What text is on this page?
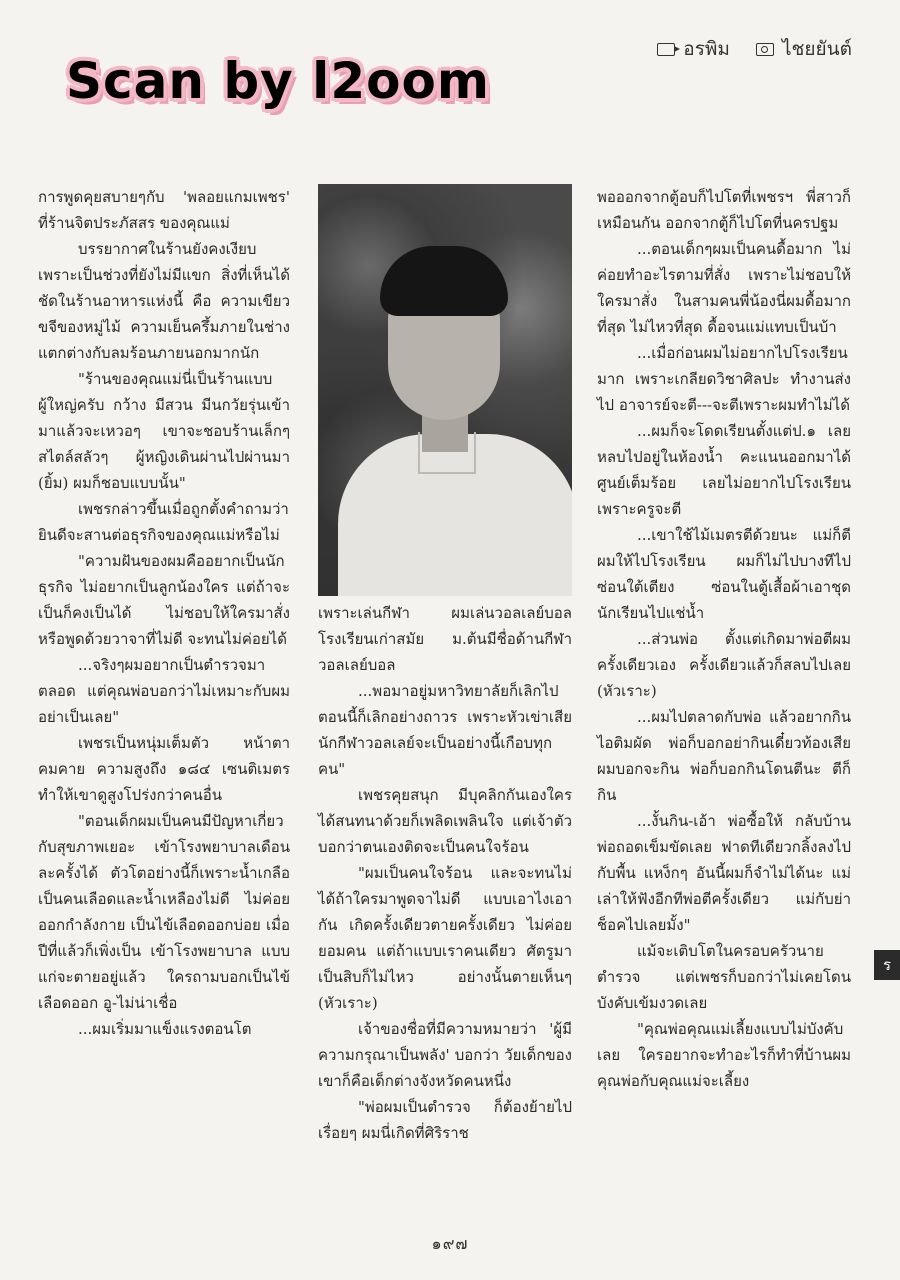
อรพิม	ไชยยันต์
Scan by l2oom

การพูดคุยสบายๆกับ 'พลอยแกมเพชร' ที่ร้านจิตประภัสสร ของคุณแม่

บรรยากาศในร้านยังคงเงียบ เพราะเป็นช่วงที่ยังไม่มีแขก สิ่งที่เห็นได้ชัดในร้านอาหารแห่งนี้ คือ ความเขียวขจีของหมู่ไม้ ความเย็นครึ้มภายในช่างแตกต่างกับลมร้อนภายนอกมากนัก

"ร้านของคุณแม่นี่เป็นร้านแบบผู้ใหญ่ครับ กว้าง มีสวน มีนกวัยรุ่นเข้ามาแล้วจะเหวอๆ เขาจะชอบร้านเล็กๆ สไตล์สลัวๆ ผู้หญิงเดินผ่านไปผ่านมา (ยิ้ม) ผมก็ชอบแบบนั้น"

เพชรกล่าวขึ้นเมื่อถูกตั้งคำถามว่ายินดีจะสานต่อธุรกิจของคุณแม่หรือไม่

"ความฝันของผมคืออยากเป็นนักธุรกิจ ไม่อยากเป็นลูกน้องใคร แต่ถ้าจะเป็นก็คงเป็นได้ ไม่ชอบให้ใครมาสั่ง หรือพูดด้วยวาจาที่ไม่ดี จะทนไม่ค่อยได้

...จริงๆผมอยากเป็นตำรวจมาตลอด แต่คุณพ่อบอกว่าไม่เหมาะกับผม อย่าเป็นเลย"

เพชรเป็นหนุ่มเต็มตัว หน้าตาคมคาย ความสูงถึง ๑๘๔ เซนติเมตร ทำให้เขาดูสูงโปร่งกว่าคนอื่น

"ตอนเด็กผมเป็นคนมีปัญหาเกี่ยวกับสุขภาพเยอะ เข้าโรงพยาบาลเดือนละครั้งได้ ตัวโตอย่างนี้ก็เพราะน้ำเกลือ เป็นคนเลือดและน้ำเหลืองไม่ดี ไม่ค่อยออกกำลังกาย เป็นไข้เลือดออกบ่อย เมื่อปีที่แล้วก็เพิ่งเป็น เข้าโรงพยาบาล แบบแก่จะตายอยู่แล้ว ใครถามบอกเป็นไข้เลือดออก อู-ไม่น่าเชื่อ

...ผมเริ่มมาแข็งแรงตอนโต

เพราะเล่นกีฬา ผมเล่นวอลเลย์บอลโรงเรียนเก่าสมัย ม.ต้นมีชื่อด้านกีฬาวอลเลย์บอล

...พอมาอยู่มหาวิทยาลัยก็เลิกไป ตอนนี้ก็เลิกอย่างถาวร เพราะหัวเข่าเสีย นักกีฬาวอลเลย์จะเป็นอย่างนี้เกือบทุกคน"

เพชรคุยสนุก มีบุคลิกกันเองใครได้สนทนาด้วยก็เพลิดเพลินใจ แต่เจ้าตัวบอกว่าตนเองติดจะเป็นคนใจร้อน

"ผมเป็นคนใจร้อน และจะทนไม่ได้ถ้าใครมาพูดจาไม่ดี แบบเอาไงเอากัน เกิดครั้งเดียวตายครั้งเดียว ไม่ค่อยยอมคน แต่ถ้าแบบเราคนเดียว ศัตรูมาเป็นสิบก็ไม่ไหว อย่างนั้นตายเห็นๆ (หัวเราะ)

เจ้าของชื่อที่มีความหมายว่า 'ผู้มีความกรุณาเป็นพลัง' บอกว่า วัยเด็กของเขาก็คือเด็กต่างจังหวัดคนหนึ่ง

"พ่อผมเป็นตำรวจ ก็ต้องย้ายไปเรื่อยๆ ผมนี่เกิดที่ศิริราช

พอออกจากตู้อบก็ไปโตที่เพชรฯ พี่สาวก็เหมือนกัน ออกจากตู้ก็ไปโตที่นครปฐม

...ตอนเด็กๆผมเป็นคนดื้อมาก ไม่ค่อยทำอะไรตามที่สั่ง เพราะไม่ชอบให้ใครมาสั่ง ในสามคนพี่น้องนี่ผมดื้อมากที่สุด ไม่ไหวที่สุด ดื้อจนแม่แทบเป็นบ้า

...เมื่อก่อนผมไม่อยากไปโรงเรียนมาก เพราะเกลียดวิชาศิลปะ ทำงานส่งไป อาจารย์จะตี---จะตีเพราะผมทำไม่ได้

...ผมก็จะโดดเรียนตั้งแต่ป.๑ เลย หลบไปอยู่ในห้องน้ำ คะแนนออกมาได้ศูนย์เต็มร้อย เลยไม่อยากไปโรงเรียน เพราะครูจะตี

...เขาใช้ไม้เมตรตีด้วยนะ แม่ก็ตีผมให้ไปโรงเรียน ผมก็ไม่ไปบางทีไปซ่อนใต้เตียง ซ่อนในตู้เสื้อผ้าเอาชุดนักเรียนไปแช่น้ำ

...ส่วนพ่อ ตั้งแต่เกิดมาพ่อตีผมครั้งเดียวเอง ครั้งเดียวแล้วก็สลบไปเลย (หัวเราะ)

...ผมไปตลาดกับพ่อ แล้วอยากกินไอติมผัด พ่อก็บอกอย่ากินเดี๋ยวท้องเสีย ผมบอกจะกิน พ่อก็บอกกินโดนตีนะ ตีก็กิน

...งั้นกิน-เอ้า พ่อซื้อให้ กลับบ้านพ่อถอดเข็มขัดเลย ฟาดทีเดียวกลิ้งลงไปกับพื้น แหง็กๆ อันนี้ผมก็จำไม่ได้นะ แม่เล่าให้ฟังอีกทีพ่อตีครั้งเดียว แม่กับย่าช็อคไปเลยมั้ง"

แม้จะเติบโตในครอบครัวนายตำรวจ แต่เพชรก็บอกว่าไม่เคยโดนบังคับเข้มงวดเลย

"คุณพ่อคุณแม่เลี้ยงแบบไม่บังคับเลย ใครอยากจะทำอะไรก็ทำที่บ้านผมคุณพ่อกับคุณแม่จะเลี้ยง

ร
๑๙๗
